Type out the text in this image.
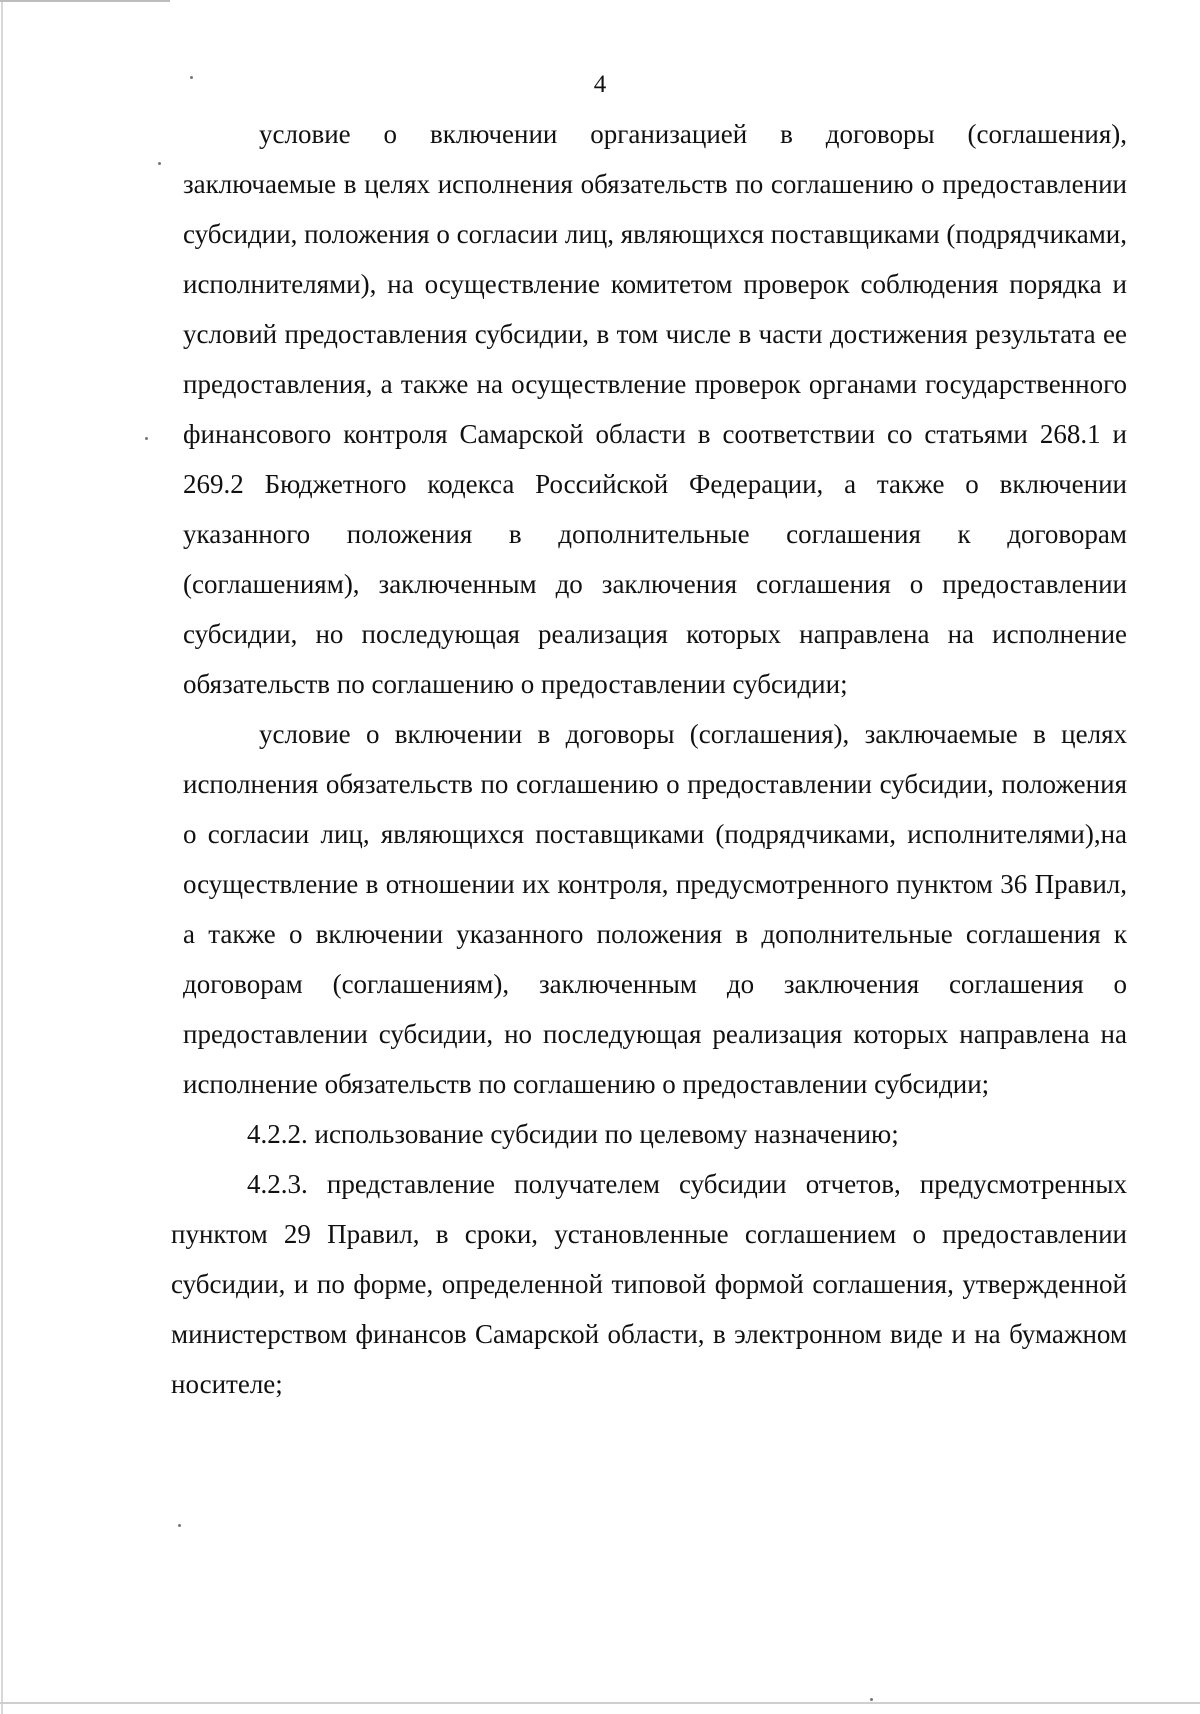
4

условие о включении организацией в договоры (соглашения), заключаемые в целях исполнения обязательств по соглашению о предоставлении субсидии, положения о согласии лиц, являющихся поставщиками (подрядчиками, исполнителями), на осуществление комитетом проверок соблюдения порядка и условий предоставления субсидии, в том числе в части достижения результата ее предоставления, а также на осуществление проверок органами государственного финансового контроля Самарской области в соответствии со статьями 268.1 и 269.2 Бюджетного кодекса Российской Федерации, а также о включении указанного положения в дополнительные соглашения к договорам (соглашениям), заключенным до заключения соглашения о предоставлении субсидии, но последующая реализация которых направлена на исполнение обязательств по соглашению о предоставлении субсидии;

условие о включении в договоры (соглашения), заключаемые в целях исполнения обязательств по соглашению о предоставлении субсидии, положения о согласии лиц, являющихся поставщиками (подрядчиками, исполнителями),на осуществление в отношении их контроля, предусмотренного пунктом 36 Правил, а также о включении указанного положения в дополнительные соглашения к договорам (соглашениям), заключенным до заключения соглашения о предоставлении субсидии, но последующая реализация которых направлена на исполнение обязательств по соглашению о предоставлении субсидии;

4.2.2. использование субсидии по целевому назначению;

4.2.3. представление получателем субсидии отчетов, предусмотренных пунктом 29 Правил, в сроки, установленные соглашением о предоставлении субсидии, и по форме, определенной типовой формой соглашения, утвержденной министерством финансов Самарской области, в электронном виде и на бумажном носителе;
